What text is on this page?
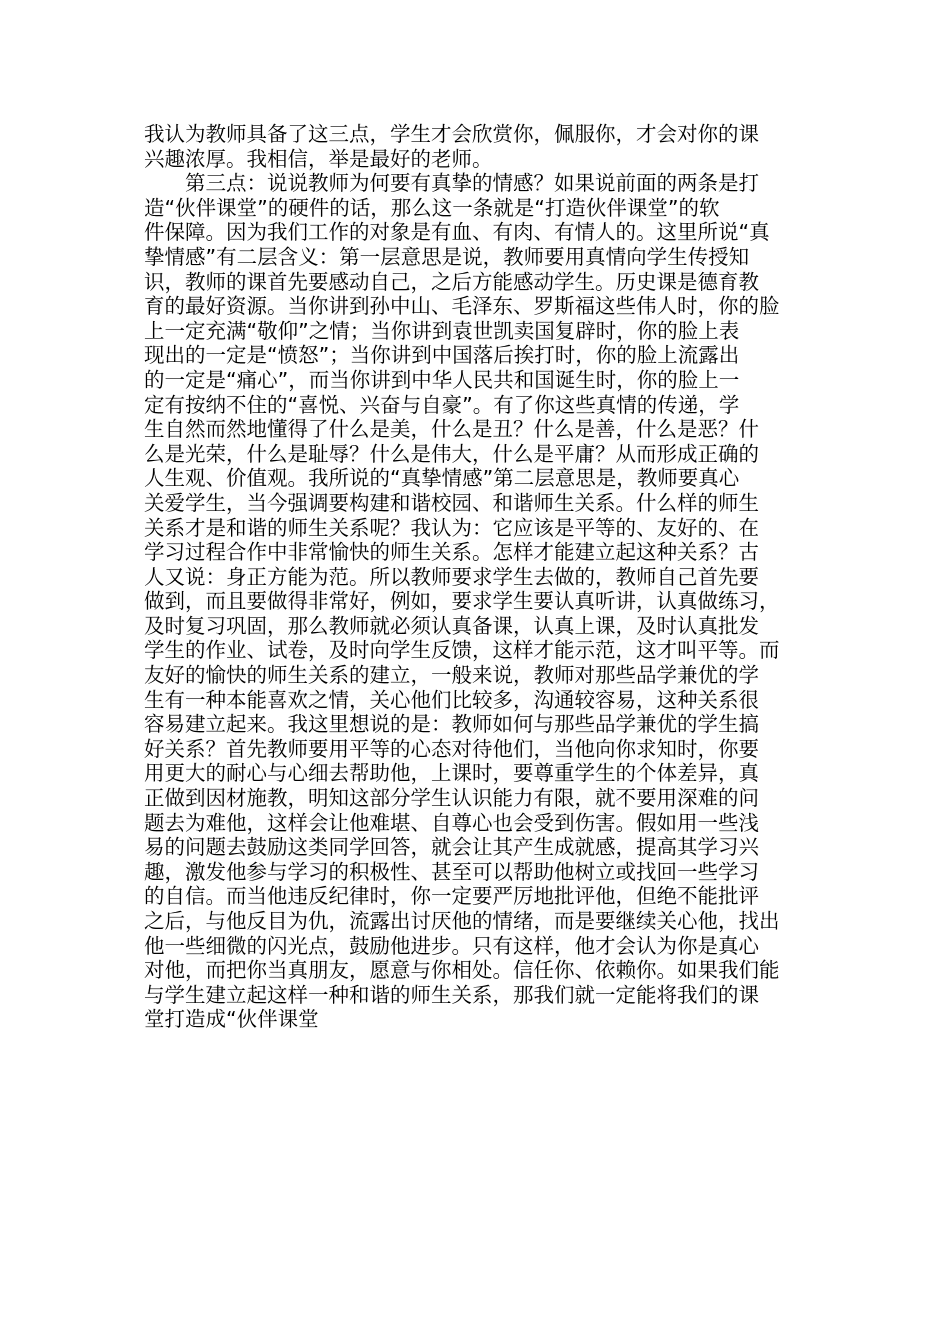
我认为教师具备了这三点，学生才会欣赏你，佩服你，才会对你的课
兴趣浓厚。我相信，举是最好的老师。
第三点：说说教师为何要有真挚的情感？如果说前面的两条是打
造“伙伴课堂”的硬件的话，那么这一条就是“打造伙伴课堂”的软
件保障。因为我们工作的对象是有血、有肉、有情人的。这里所说“真
挚情感”有二层含义：第一层意思是说，教师要用真情向学生传授知
识，教师的课首先要感动自己，之后方能感动学生。历史课是德育教
育的最好资源。当你讲到孙中山、毛泽东、罗斯福这些伟人时，你的脸
上一定充满“敬仰”之情；当你讲到袁世凯卖国复辟时，你的脸上表
现出的一定是“愤怒”；当你讲到中国落后挨打时，你的脸上流露出
的一定是“痛心”，而当你讲到中华人民共和国诞生时，你的脸上一
定有按纳不住的“喜悦、兴奋与自豪”。有了你这些真情的传递，学
生自然而然地懂得了什么是美，什么是丑？什么是善，什么是恶？什
么是光荣，什么是耻辱？什么是伟大，什么是平庸？从而形成正确的
人生观、价值观。我所说的“真挚情感”第二层意思是，教师要真心
关爱学生，当今强调要构建和谐校园、和谐师生关系。什么样的师生
关系才是和谐的师生关系呢？我认为：它应该是平等的、友好的、在
学习过程合作中非常愉快的师生关系。怎样才能建立起这种关系？古
人又说：身正方能为范。所以教师要求学生去做的，教师自己首先要
做到，而且要做得非常好，例如，要求学生要认真听讲，认真做练习，
及时复习巩固，那么教师就必须认真备课，认真上课，及时认真批发
学生的作业、试卷，及时向学生反馈，这样才能示范，这才叫平等。而
友好的愉快的师生关系的建立，一般来说，教师对那些品学兼优的学
生有一种本能喜欢之情，关心他们比较多，沟通较容易，这种关系很
容易建立起来。我这里想说的是：教师如何与那些品学兼优的学生搞
好关系？首先教师要用平等的心态对待他们，当他向你求知时，你要
用更大的耐心与心细去帮助他，上课时，要尊重学生的个体差异，真
正做到因材施教，明知这部分学生认识能力有限，就不要用深难的问
题去为难他，这样会让他难堪、自尊心也会受到伤害。假如用一些浅
易的问题去鼓励这类同学回答，就会让其产生成就感，提高其学习兴
趣，激发他参与学习的积极性、甚至可以帮助他树立或找回一些学习
的自信。而当他违反纪律时，你一定要严厉地批评他，但绝不能批评
之后，与他反目为仇，流露出讨厌他的情绪，而是要继续关心他，找出
他一些细微的闪光点，鼓励他进步。只有这样，他才会认为你是真心
对他，而把你当真朋友，愿意与你相处。信任你、依赖你。如果我们能
与学生建立起这样一种和谐的师生关系，那我们就一定能将我们的课
堂打造成“伙伴课堂
